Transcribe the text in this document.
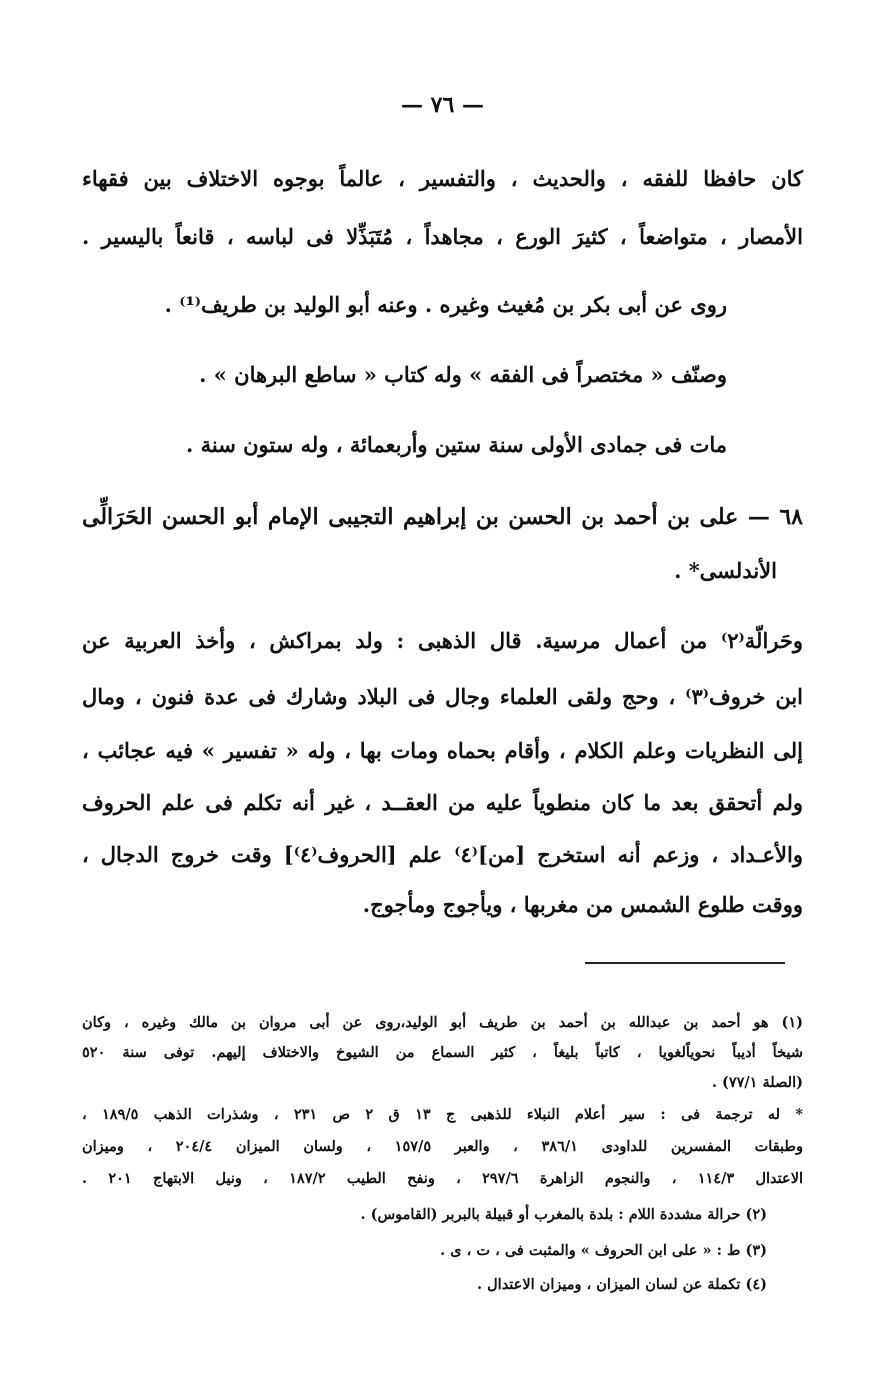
— ٧٦ —
كان حافظا للفقه ، والحديث ، والتفسير ، عالماً بوجوه الاختلاف بين فقهاء
الأمصار ، متواضعاً ، كثيرَ الورع ، مجاهداً ، مُتَبَذِّلا فى لباسه ، قانعاً باليسير .
روى عن أبى بكر بن مُغيث وغيره . وعنه أبو الوليد بن طريف⁽¹⁾ .
وصنّف « مختصراً فى الفقه » وله كتاب « ساطع البرهان » .
مات فى جمادى الأولى سنة ستين وأربعمائة ، وله ستون سنة .
٦٨ — على بن أحمد بن الحسن بن إبراهيم التجيبى الإمام أبو الحسن الحَرَالِّى
الأندلسى* .
وحَرالّة⁽٢⁾ من أعمال مرسية. قال الذهبى : ولد بمراكش ، وأخذ العربية عن
ابن خروف⁽٣⁾ ، وحج ولقى العلماء وجال فى البلاد وشارك فى عدة فنون ، ومال
إلى النظريات وعلم الكلام ، وأقام بحماه ومات بها ، وله « تفسير » فيه عجائب ،
ولم أتحقق بعد ما كان منطوياً عليه من العقــد ، غير أنه تكلم فى علم الحروف
والأعـداد ، وزعم أنه استخرج [من]⁽٤⁾ علم [الحروف⁽٤⁾] وقت خروج الدجال ،
ووقت طلوع الشمس من مغربها ، ويأجوج ومأجوج.
(١) هو أحمد بن عبدالله بن أحمد بن طريف أبو الوليد،روى عن أبى مروان بن مالك وغيره ، وكان
شيخاً أديباً نحوياًلغويا ، كاتباً بليغاً ، كثير السماع من الشيوخ والاختلاف إليهم. توفى سنة ٥٢٠
(الصلة ٧٧/١) .
* له ترجمة فى : سير أعلام النبلاء للذهبى ج ١٣ ق ٢ ص ٢٣١ ، وشذرات الذهب ١٨٩/٥ ،
وطبقات المفسرين للداودى ٣٨٦/١ ، والعبر ١٥٧/٥ ، ولسان الميزان ٢٠٤/٤ ، وميزان
الاعتدال ١١٤/٣ ، والنجوم الزاهرة ٢٩٧/٦ ، ونفح الطيب ١٨٧/٢ ، ونيل الابتهاج ٢٠١ .
(٢) حرالة مشددة اللام : بلدة بالمغرب أو قبيلة بالبربر (القاموس) .
(٣) ط : « على ابن الحروف » والمثبت فى ، ت ، ى .
(٤) تكملة عن لسان الميزان ، وميزان الاعتدال .
